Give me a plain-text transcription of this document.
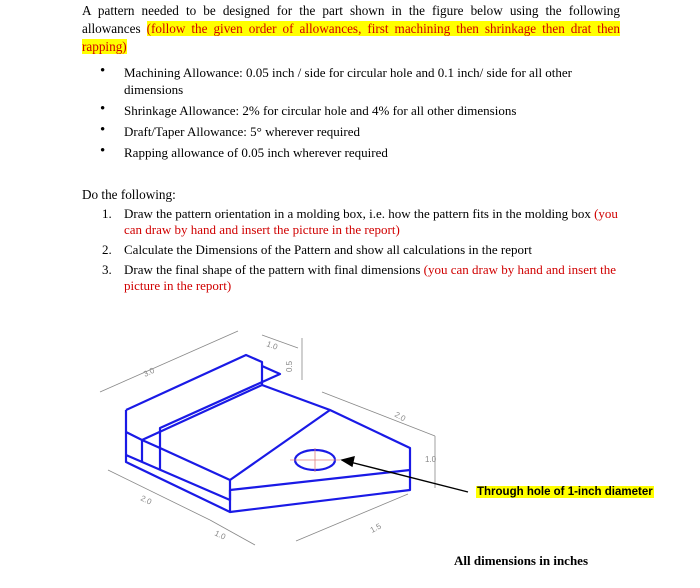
A pattern needed to be designed for the part shown in the figure below using the following allowances (follow the given order of allowances, first machining then shrinkage then drat then rapping)
• Machining Allowance: 0.05 inch / side for circular hole and 0.1 inch/ side for all other dimensions
• Shrinkage Allowance: 2% for circular hole and 4% for all other dimensions
• Draft/Taper Allowance: 5° wherever required
• Rapping allowance of 0.05 inch wherever required
Do the following:
1. Draw the pattern orientation in a molding box, i.e. how the pattern fits in the molding box (you can draw by hand and insert the picture in the report)
2. Calculate the Dimensions of the Pattern and show all calculations in the report
3. Draw the final shape of the pattern with final dimensions (you can draw by hand and insert the picture in the report)
3.0
1.0
0.5
2.0
1.0
2.0
1.0
1.5
Through hole of 1-inch diameter
All dimensions in inches
